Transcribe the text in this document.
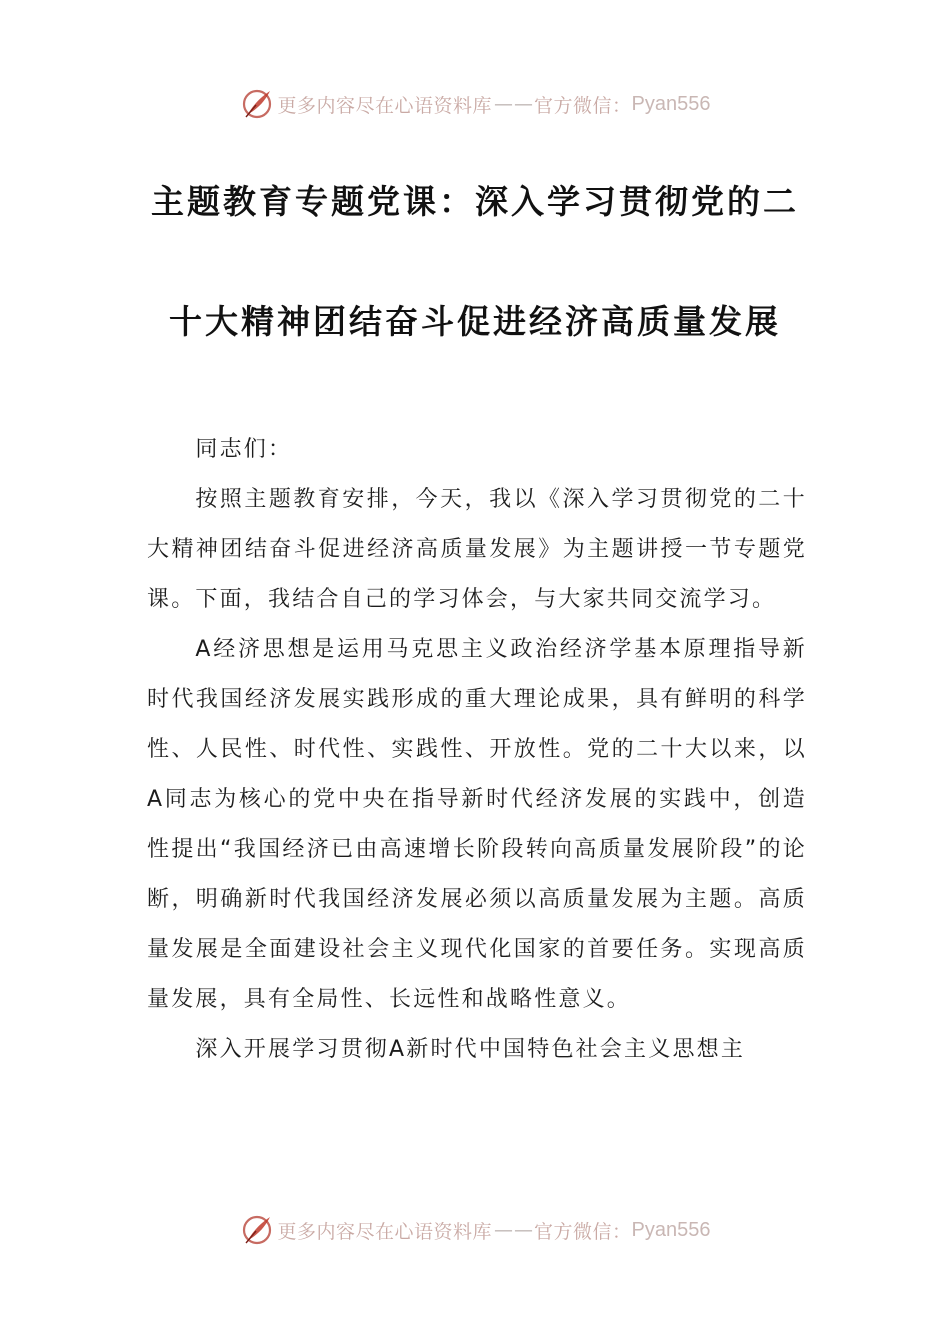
更多内容尽在心语资料库 —— 官方微信： Pyan556
主题教育专题党课：深入学习贯彻党的二
十大精神团结奋斗促进经济高质量发展

同志们：

按照主题教育安排，今天，我以《深入学习贯彻党的二十大精神团结奋斗促进经济高质量发展》为主题讲授一节专题党课。下面，我结合自己的学习体会，与大家共同交流学习。

A经济思想是运用马克思主义政治经济学基本原理指导新时代我国经济发展实践形成的重大理论成果，具有鲜明的科学性、人民性、时代性、实践性、开放性。党的二十大以来，以A同志为核心的党中央在指导新时代经济发展的实践中，创造性提出“我国经济已由高速增长阶段转向高质量发展阶段”的论断，明确新时代我国经济发展必须以高质量发展为主题。高质量发展是全面建设社会主义现代化国家的首要任务。实现高质量发展，具有全局性、长远性和战略性意义。

深入开展学习贯彻A新时代中国特色社会主义思想主

更多内容尽在心语资料库 —— 官方微信： Pyan556
